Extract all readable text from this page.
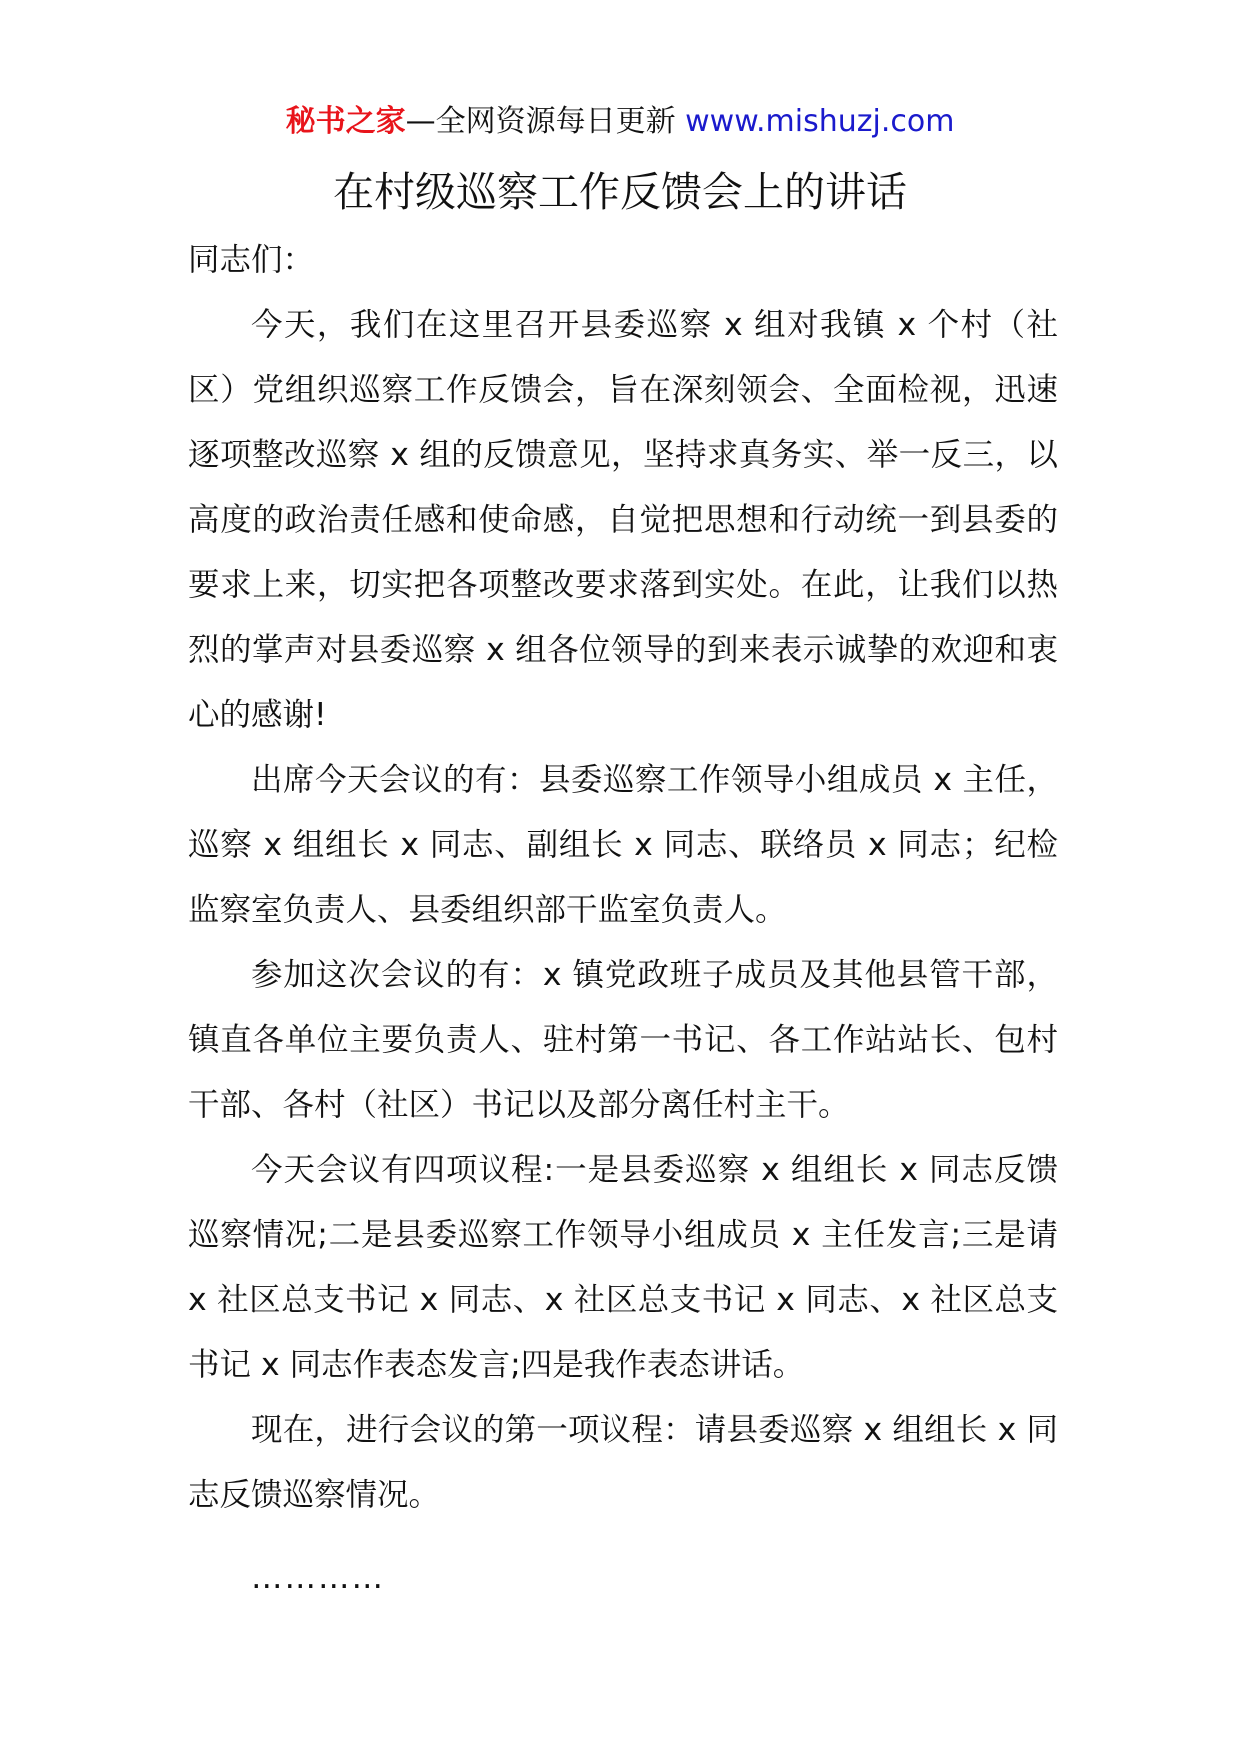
秘书之家—全网资源每日更新 www.mishuzj.com
在村级巡察工作反馈会上的讲话

同志们：

今天，我们在这里召开县委巡察 x 组对我镇 x 个村（社区）党组织巡察工作反馈会，旨在深刻领会、全面检视，迅速逐项整改巡察 x 组的反馈意见，坚持求真务实、举一反三，以高度的政治责任感和使命感，自觉把思想和行动统一到县委的要求上来，切实把各项整改要求落到实处。在此，让我们以热烈的掌声对县委巡察 x 组各位领导的到来表示诚挚的欢迎和衷心的感谢!

出席今天会议的有：县委巡察工作领导小组成员 x 主任，巡察 x 组组长 x 同志、副组长 x 同志、联络员 x 同志；纪检监察室负责人、县委组织部干监室负责人。

参加这次会议的有：x 镇党政班子成员及其他县管干部，镇直各单位主要负责人、驻村第一书记、各工作站站长、包村干部、各村（社区）书记以及部分离任村主干。

今天会议有四项议程:一是县委巡察 x 组组长 x 同志反馈巡察情况;二是县委巡察工作领导小组成员 x 主任发言;三是请 x 社区总支书记 x 同志、x 社区总支书记 x 同志、x 社区总支书记 x 同志作表态发言;四是我作表态讲话。

现在，进行会议的第一项议程：请县委巡察 x 组组长 x 同志反馈巡察情况。

…………
